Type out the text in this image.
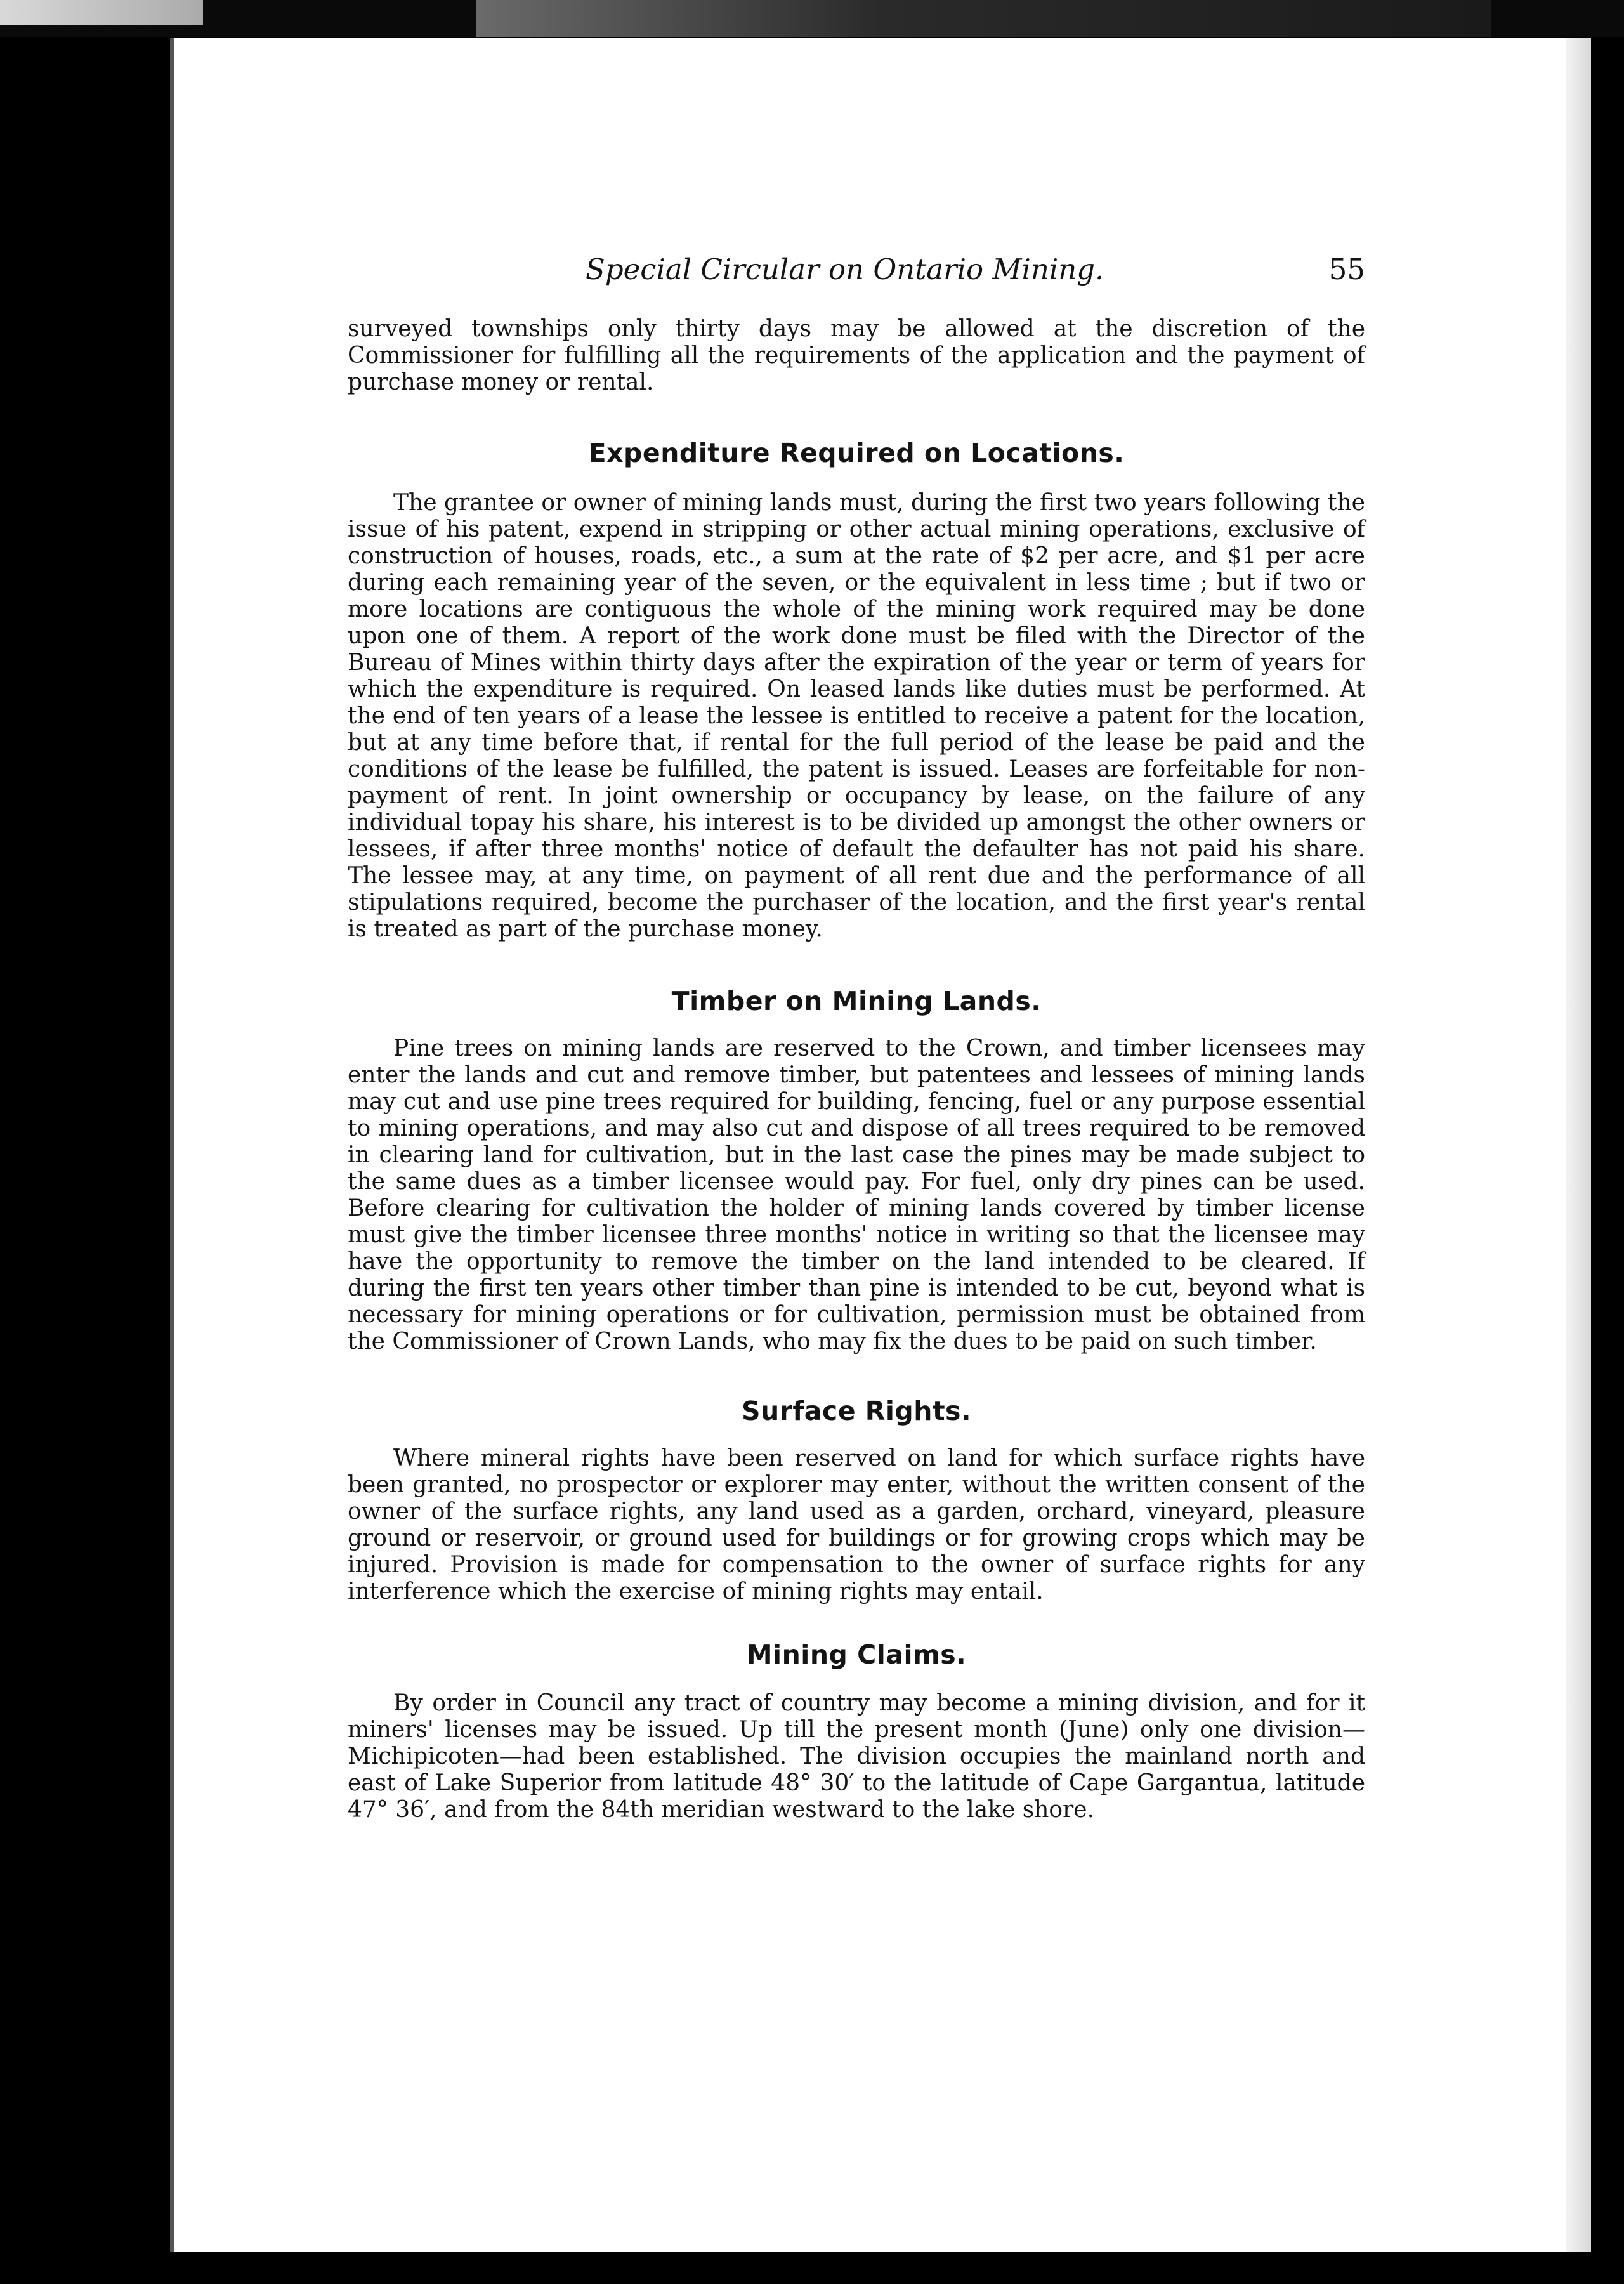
Special Circular on Ontario Mining.	55

surveyed townships only thirty days may be allowed at the discretion of the Commissioner for fulfilling all the requirements of the application and the payment of purchase money or rental.

Expenditure Required on Locations.

The grantee or owner of mining lands must, during the first two years following the issue of his patent, expend in stripping or other actual mining operations, exclusive of construction of houses, roads, etc., a sum at the rate of $2 per acre, and $1 per acre during each remaining year of the seven, or the equivalent in less time ; but if two or more locations are contiguous the whole of the mining work required may be done upon one of them. A report of the work done must be filed with the Director of the Bureau of Mines within thirty days after the expiration of the year or term of years for which the expenditure is required. On leased lands like duties must be performed. At the end of ten years of a lease the lessee is entitled to receive a patent for the location, but at any time before that, if rental for the full period of the lease be paid and the conditions of the lease be fulfilled, the patent is issued. Leases are forfeitable for non-payment of rent. In joint ownership or occupancy by lease, on the failure of any individual topay his share, his interest is to be divided up amongst the other owners or lessees, if after three months' notice of default the defaulter has not paid his share. The lessee may, at any time, on payment of all rent due and the performance of all stipulations required, become the purchaser of the location, and the first year's rental is treated as part of the purchase money.

Timber on Mining Lands.

Pine trees on mining lands are reserved to the Crown, and timber licensees may enter the lands and cut and remove timber, but patentees and lessees of mining lands may cut and use pine trees required for building, fencing, fuel or any purpose essential to mining operations, and may also cut and dispose of all trees required to be removed in clearing land for cultivation, but in the last case the pines may be made subject to the same dues as a timber licensee would pay. For fuel, only dry pines can be used. Before clearing for cultivation the holder of mining lands covered by timber license must give the timber licensee three months' notice in writing so that the licensee may have the opportunity to remove the timber on the land intended to be cleared. If during the first ten years other timber than pine is intended to be cut, beyond what is necessary for mining operations or for cultivation, permission must be obtained from the Commissioner of Crown Lands, who may fix the dues to be paid on such timber.

Surface Rights.

Where mineral rights have been reserved on land for which surface rights have been granted, no prospector or explorer may enter, without the written consent of the owner of the surface rights, any land used as a garden, orchard, vineyard, pleasure ground or reservoir, or ground used for buildings or for growing crops which may be injured. Provision is made for compensation to the owner of surface rights for any interference which the exercise of mining rights may entail.

Mining Claims.

By order in Council any tract of country may become a mining division, and for it miners' licenses may be issued. Up till the present month (June) only one division—Michipicoten—had been established. The division occupies the mainland north and east of Lake Superior from latitude 48° 30′ to the latitude of Cape Gargantua, latitude 47° 36′, and from the 84th meridian westward to the lake shore.
